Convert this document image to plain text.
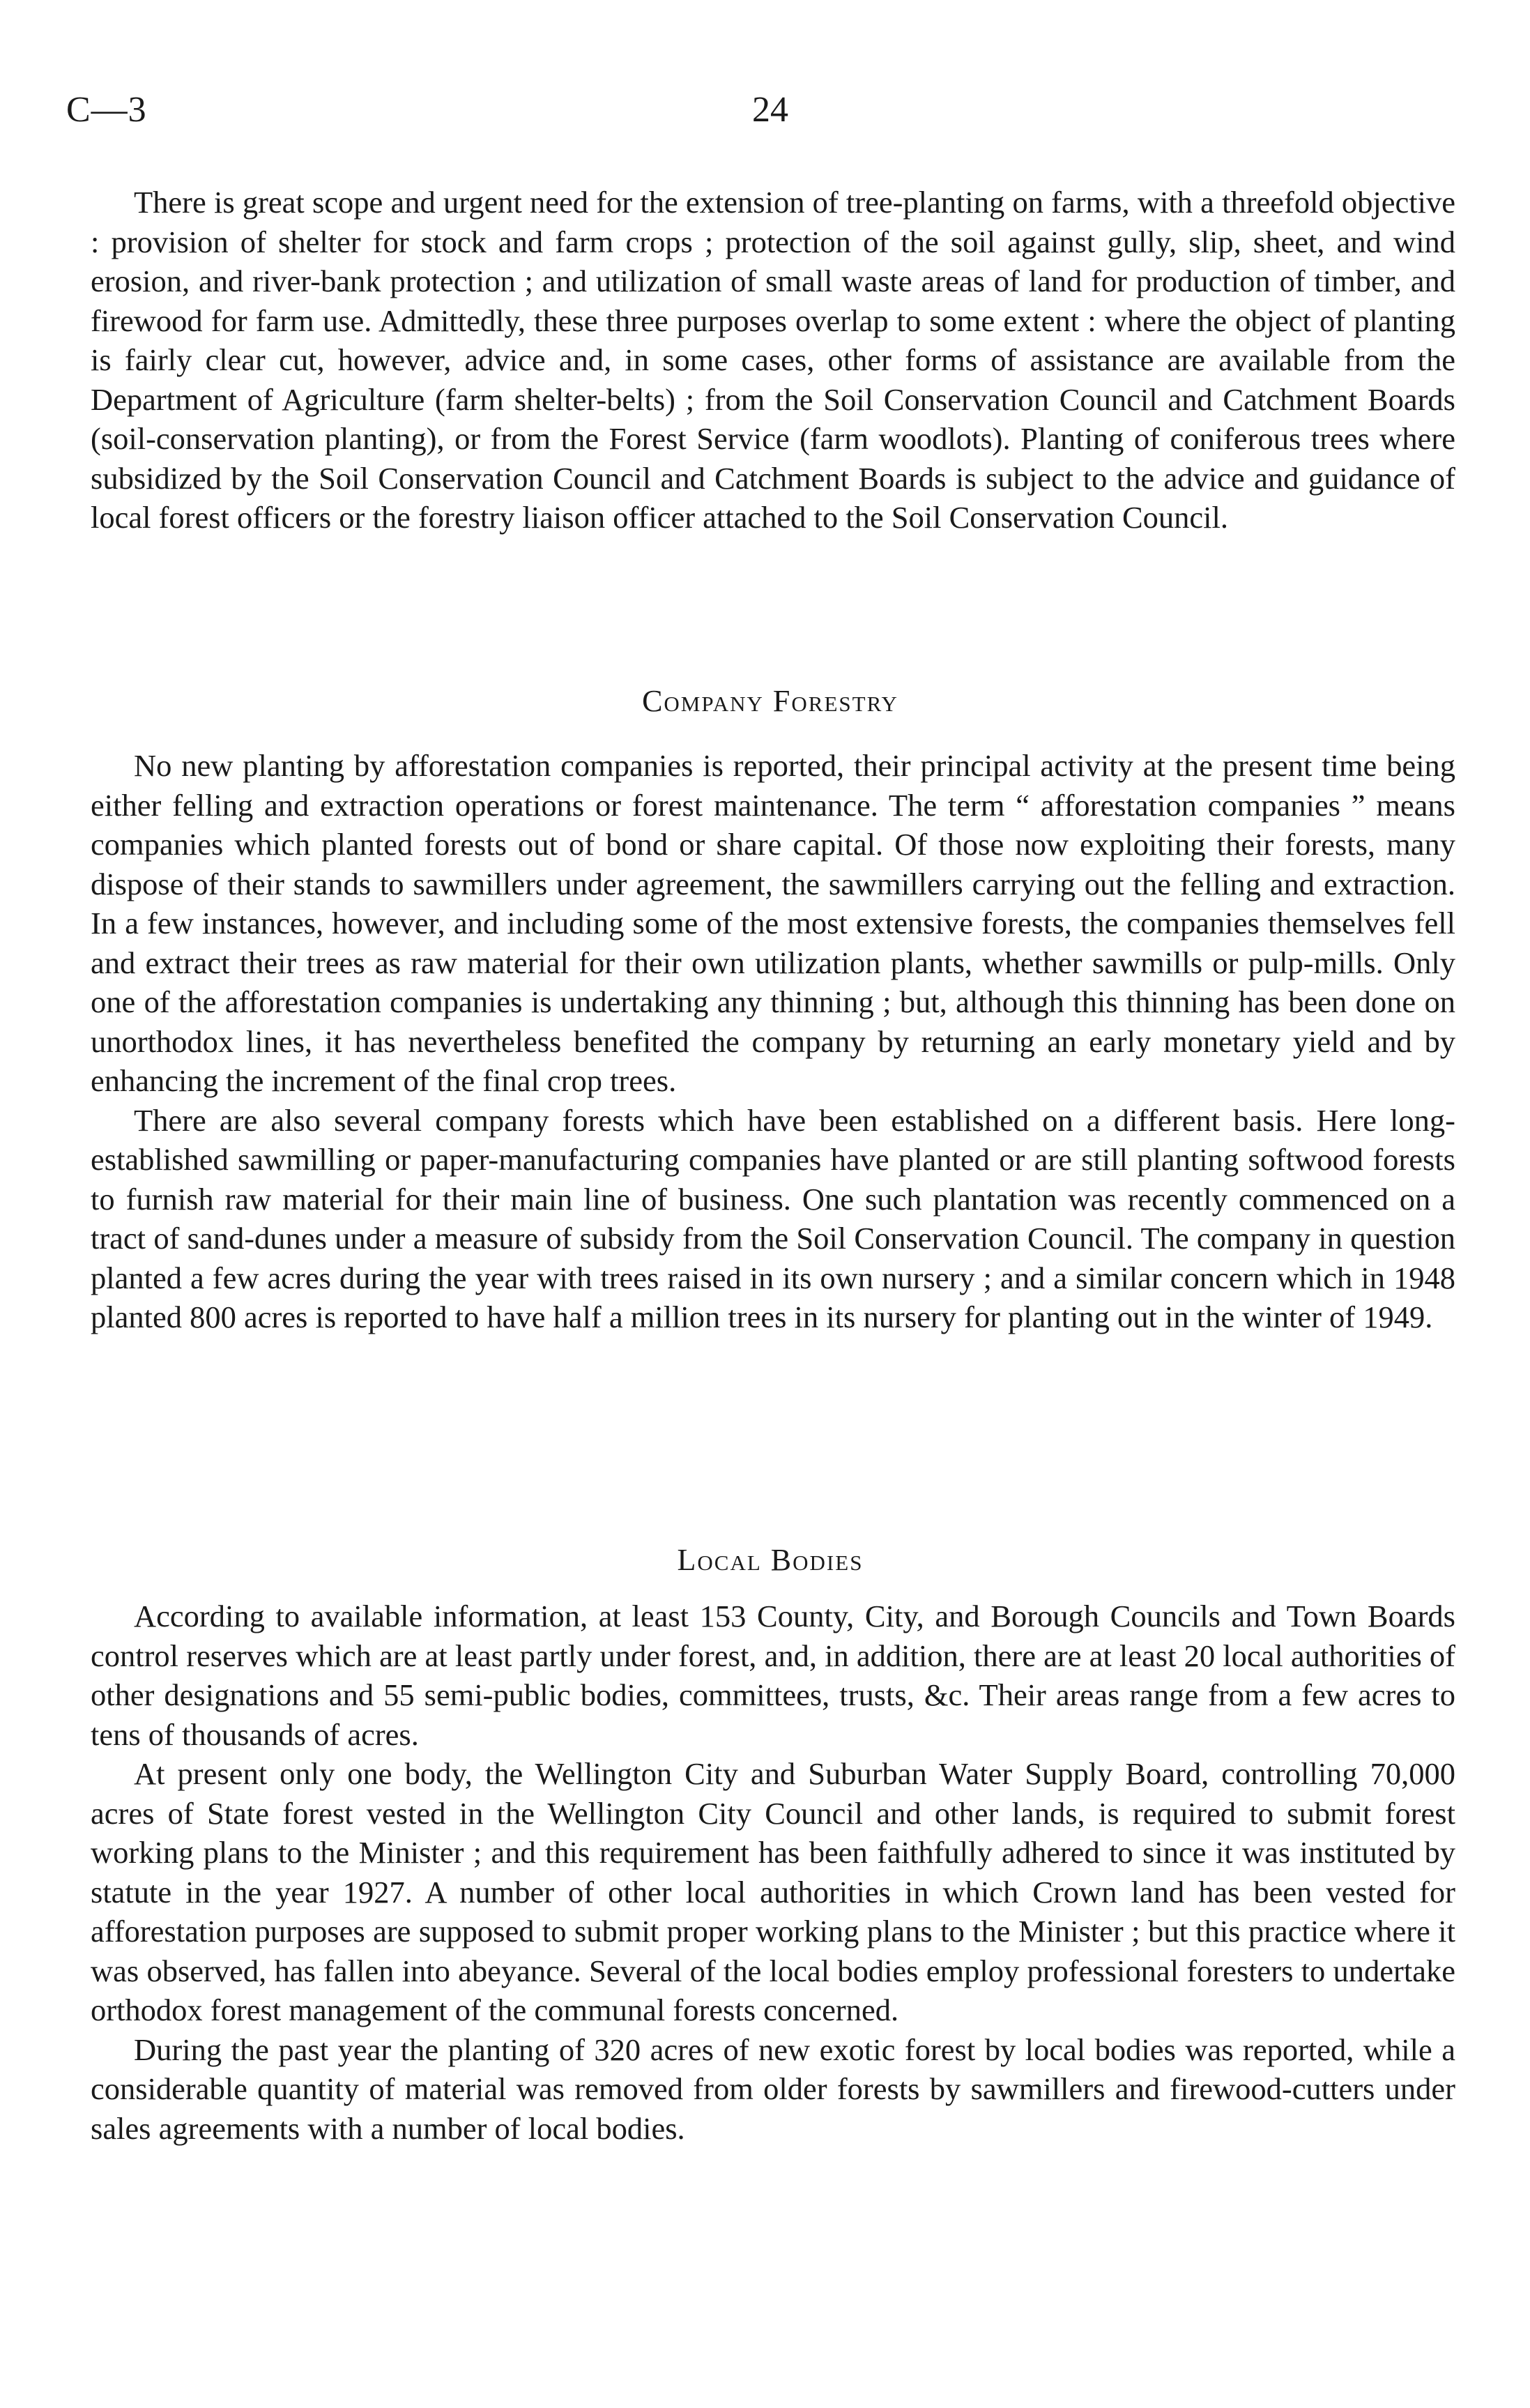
C—3	24

There is great scope and urgent need for the extension of tree-planting on farms, with a threefold objective : provision of shelter for stock and farm crops ; protection of the soil against gully, slip, sheet, and wind erosion, and river-bank protection ; and utilization of small waste areas of land for production of timber, and firewood for farm use. Admittedly, these three purposes overlap to some extent : where the object of planting is fairly clear cut, however, advice and, in some cases, other forms of assistance are available from the Department of Agriculture (farm shelter-belts) ; from the Soil Conservation Council and Catchment Boards (soil-conservation planting), or from the Forest Service (farm woodlots). Planting of coniferous trees where subsidized by the Soil Conservation Council and Catchment Boards is subject to the advice and guidance of local forest officers or the forestry liaison officer attached to the Soil Conservation Council.

Company Forestry

No new planting by afforestation companies is reported, their principal activity at the present time being either felling and extraction operations or forest maintenance. The term “ afforestation companies ” means companies which planted forests out of bond or share capital. Of those now exploiting their forests, many dispose of their stands to sawmillers under agreement, the sawmillers carrying out the felling and extraction. In a few instances, however, and including some of the most extensive forests, the companies themselves fell and extract their trees as raw material for their own utilization plants, whether sawmills or pulp-mills. Only one of the afforestation companies is undertaking any thinning ; but, although this thinning has been done on unorthodox lines, it has nevertheless benefited the company by returning an early monetary yield and by enhancing the increment of the final crop trees.

There are also several company forests which have been established on a different basis. Here long-established sawmilling or paper-manufacturing companies have planted or are still planting softwood forests to furnish raw material for their main line of business. One such plantation was recently commenced on a tract of sand-dunes under a measure of subsidy from the Soil Conservation Council. The company in question planted a few acres during the year with trees raised in its own nursery ; and a similar concern which in 1948 planted 800 acres is reported to have half a million trees in its nursery for planting out in the winter of 1949.

Local Bodies

According to available information, at least 153 County, City, and Borough Councils and Town Boards control reserves which are at least partly under forest, and, in addition, there are at least 20 local authorities of other designations and 55 semi-public bodies, committees, trusts, &c. Their areas range from a few acres to tens of thousands of acres.

At present only one body, the Wellington City and Suburban Water Supply Board, controlling 70,000 acres of State forest vested in the Wellington City Council and other lands, is required to submit forest working plans to the Minister ; and this requirement has been faithfully adhered to since it was instituted by statute in the year 1927. A number of other local authorities in which Crown land has been vested for afforestation purposes are supposed to submit proper working plans to the Minister ; but this practice where it was observed, has fallen into abeyance. Several of the local bodies employ professional foresters to undertake orthodox forest management of the communal forests concerned.

During the past year the planting of 320 acres of new exotic forest by local bodies was reported, while a considerable quantity of material was removed from older forests by sawmillers and firewood-cutters under sales agreements with a number of local bodies.
